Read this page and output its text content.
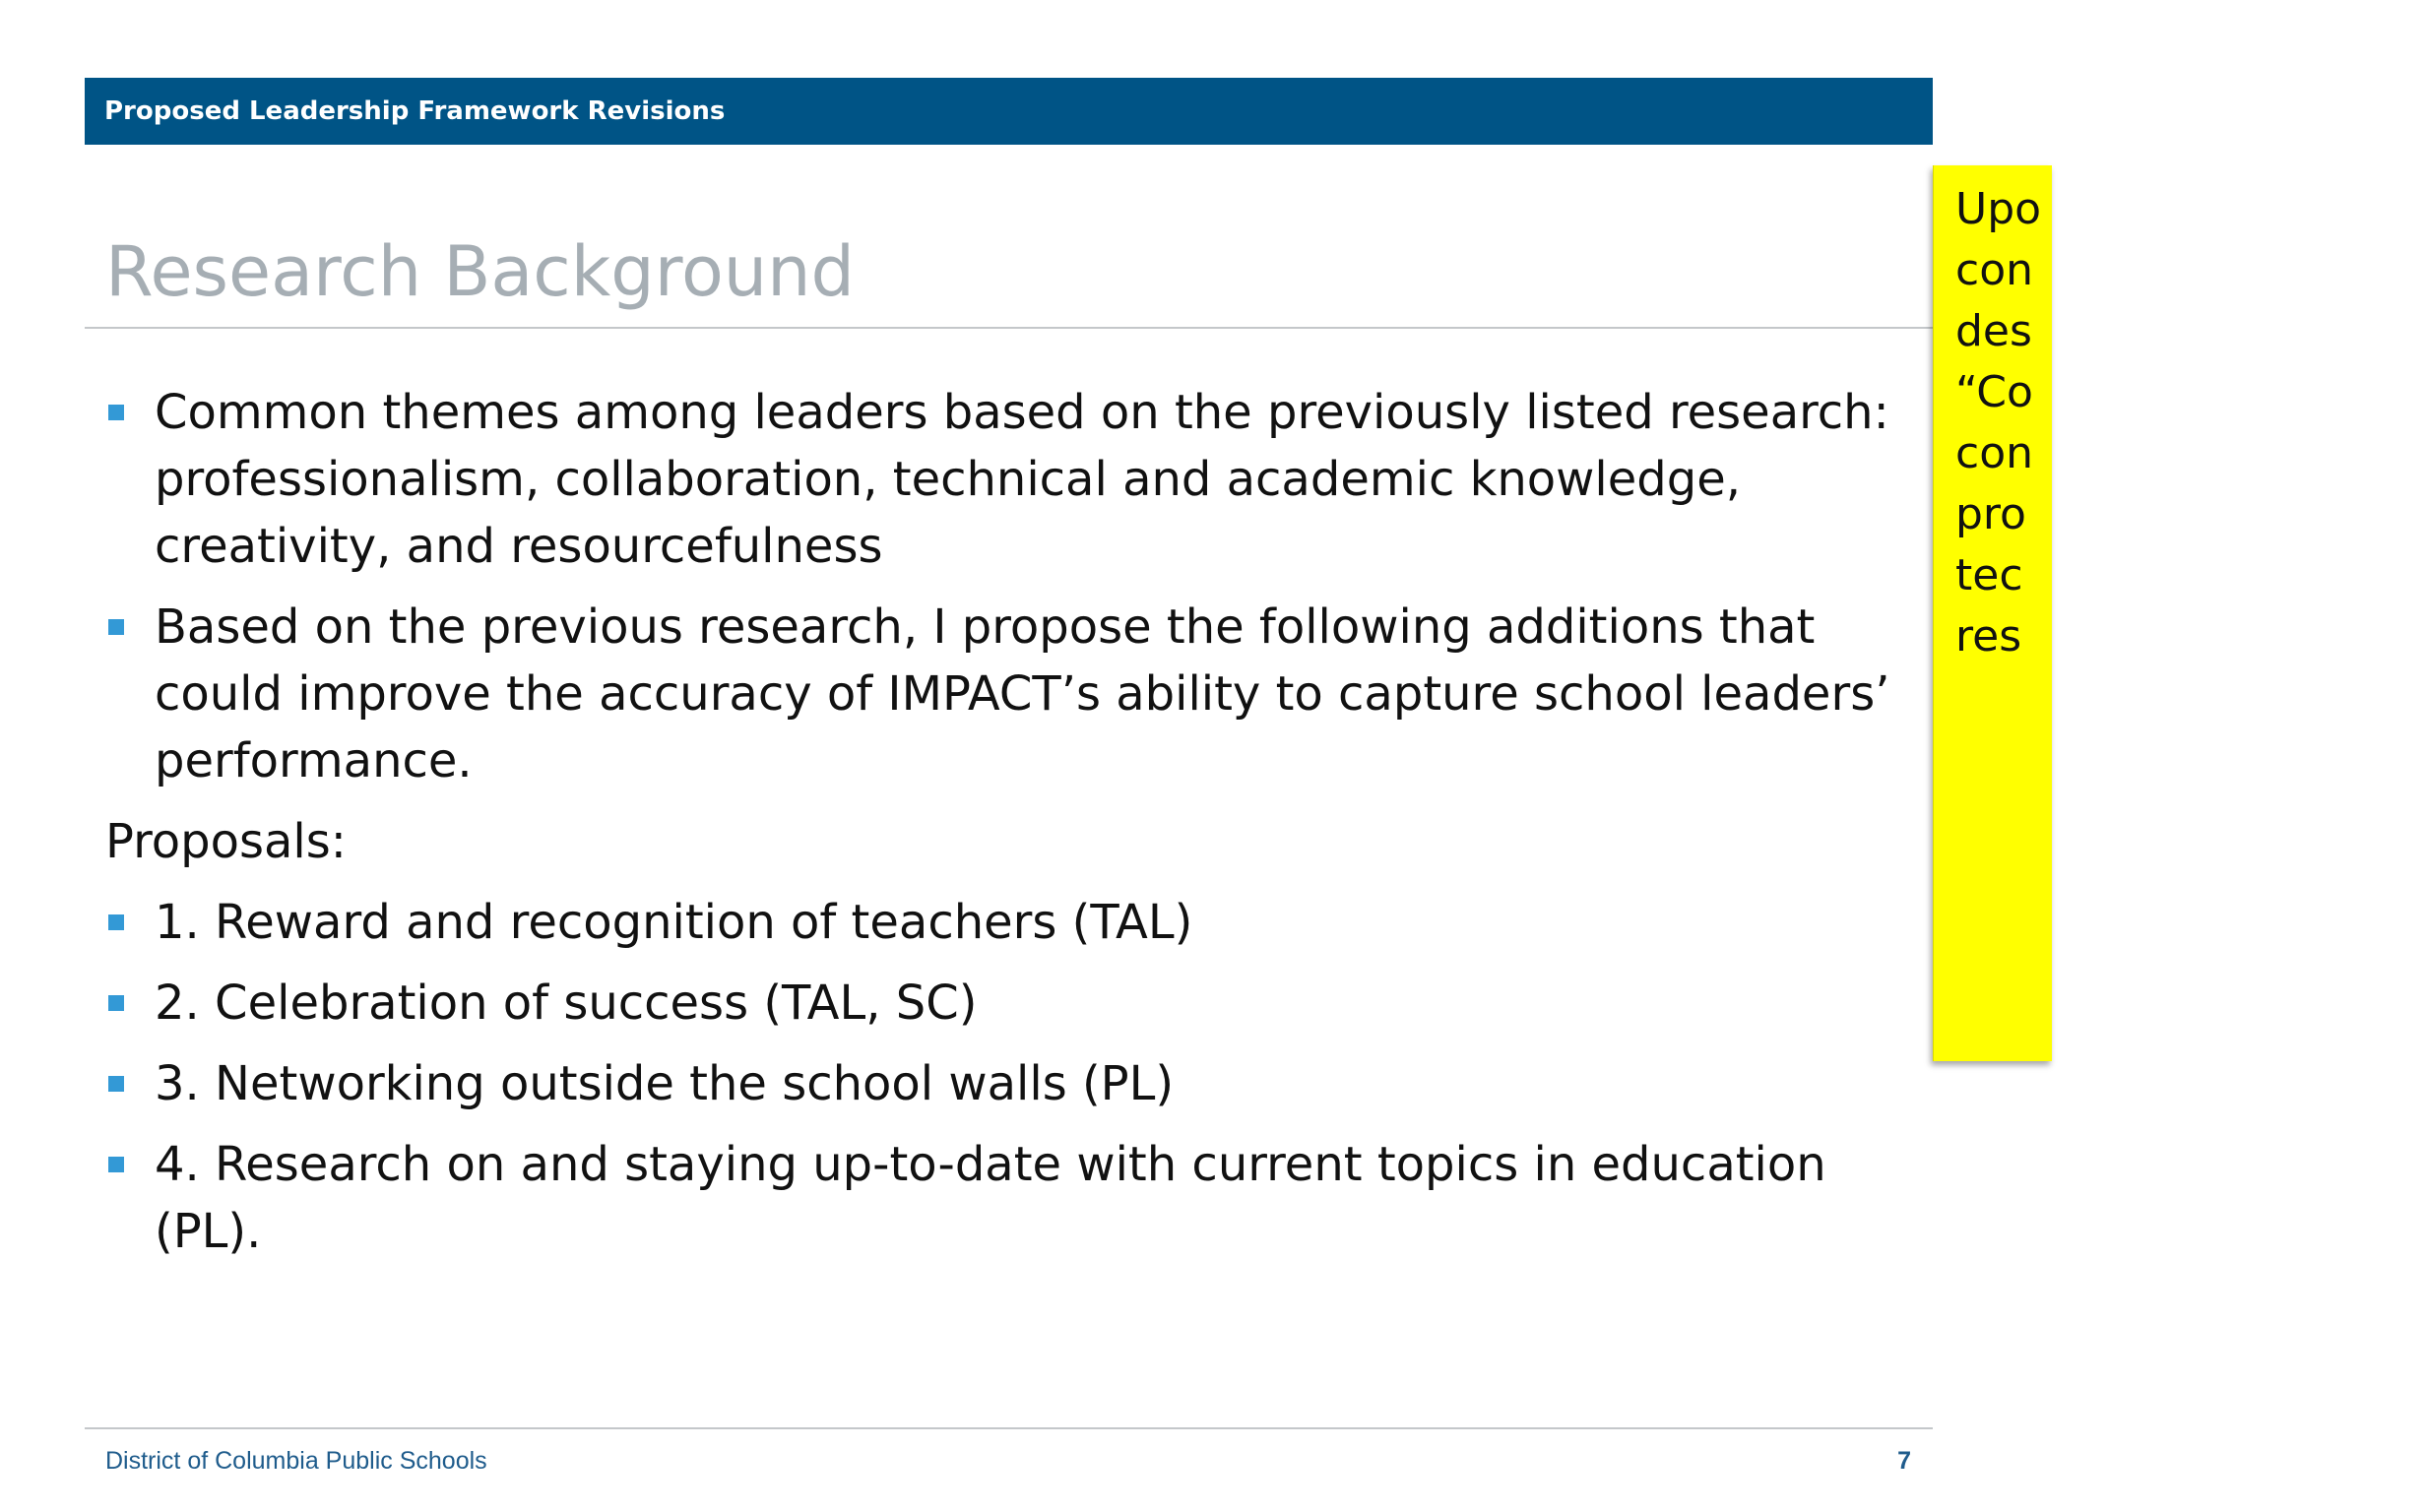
Proposed Leadership Framework Revisions
Research Background
Common themes among leaders based on the previously listed research: professionalism, collaboration, technical and academic knowledge, creativity, and resourcefulness
Based on the previous research, I propose the following additions that could improve the accuracy of IMPACT’s ability to capture school leaders’ performance.
Proposals:
1. Reward and recognition of teachers (TAL)
2. Celebration of success (TAL, SC)
3. Networking outside the school walls (PL)
4. Research on and staying up-to-date with current topics in education (PL).
Upo
con
des
“Co
con
pro
tec
res
District of Columbia Public Schools	7
